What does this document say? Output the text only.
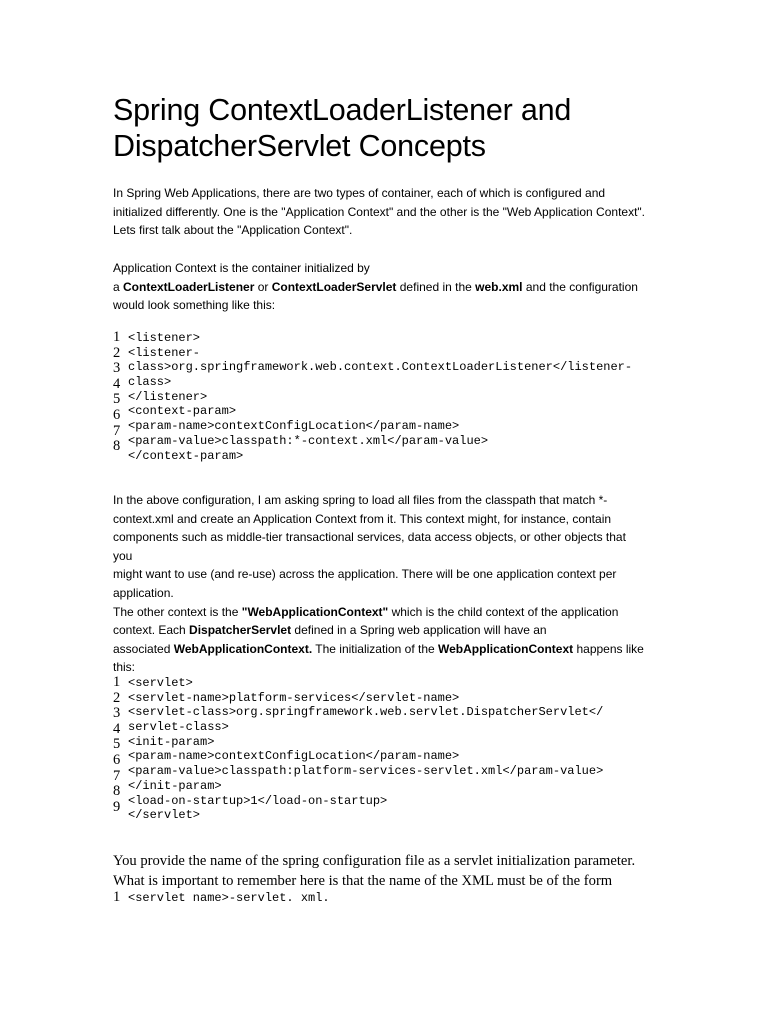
Spring ContextLoaderListener and DispatcherServlet Concepts

In Spring Web Applications, there are two types of container, each of which is configured and
initialized differently. One is the "Application Context" and the other is the "Web Application Context".
Lets first talk about the "Application Context".

Application Context is the container initialized by
a ContextLoaderListener or ContextLoaderServlet defined in the web.xml and the configuration
would look something like this:

1 <listener>
2 <listener-
3 class>org.springframework.web.context.ContextLoaderListener</listener-
4 class>
5 </listener>
6 <context-param>
7 <param-name>contextConfigLocation</param-name>
8 <param-value>classpath:*-context.xml</param-value>
</context-param>

In the above configuration, I am asking spring to load all files from the classpath that match *-
context.xml and create an Application Context from it. This context might, for instance, contain
components such as middle-tier transactional services, data access objects, or other objects that you
might want to use (and re-use) across the application. There will be one application context per
application.
The other context is the "WebApplicationContext" which is the child context of the application
context. Each DispatcherServlet defined in a Spring web application will have an
associated WebApplicationContext. The initialization of the WebApplicationContext happens like
this:

1 <servlet>
2 <servlet-name>platform-services</servlet-name>
3 <servlet-class>org.springframework.web.servlet.DispatcherServlet</
4 servlet-class>
5 <init-param>
6 <param-name>contextConfigLocation</param-name>
7 <param-value>classpath:platform-services-servlet.xml</param-value>
8 </init-param>
9 <load-on-startup>1</load-on-startup>
</servlet>

You provide the name of the spring configuration file as a servlet initialization parameter.
What is important to remember here is that the name of the XML must be of the form

1 <servlet name>-servlet. xml.
